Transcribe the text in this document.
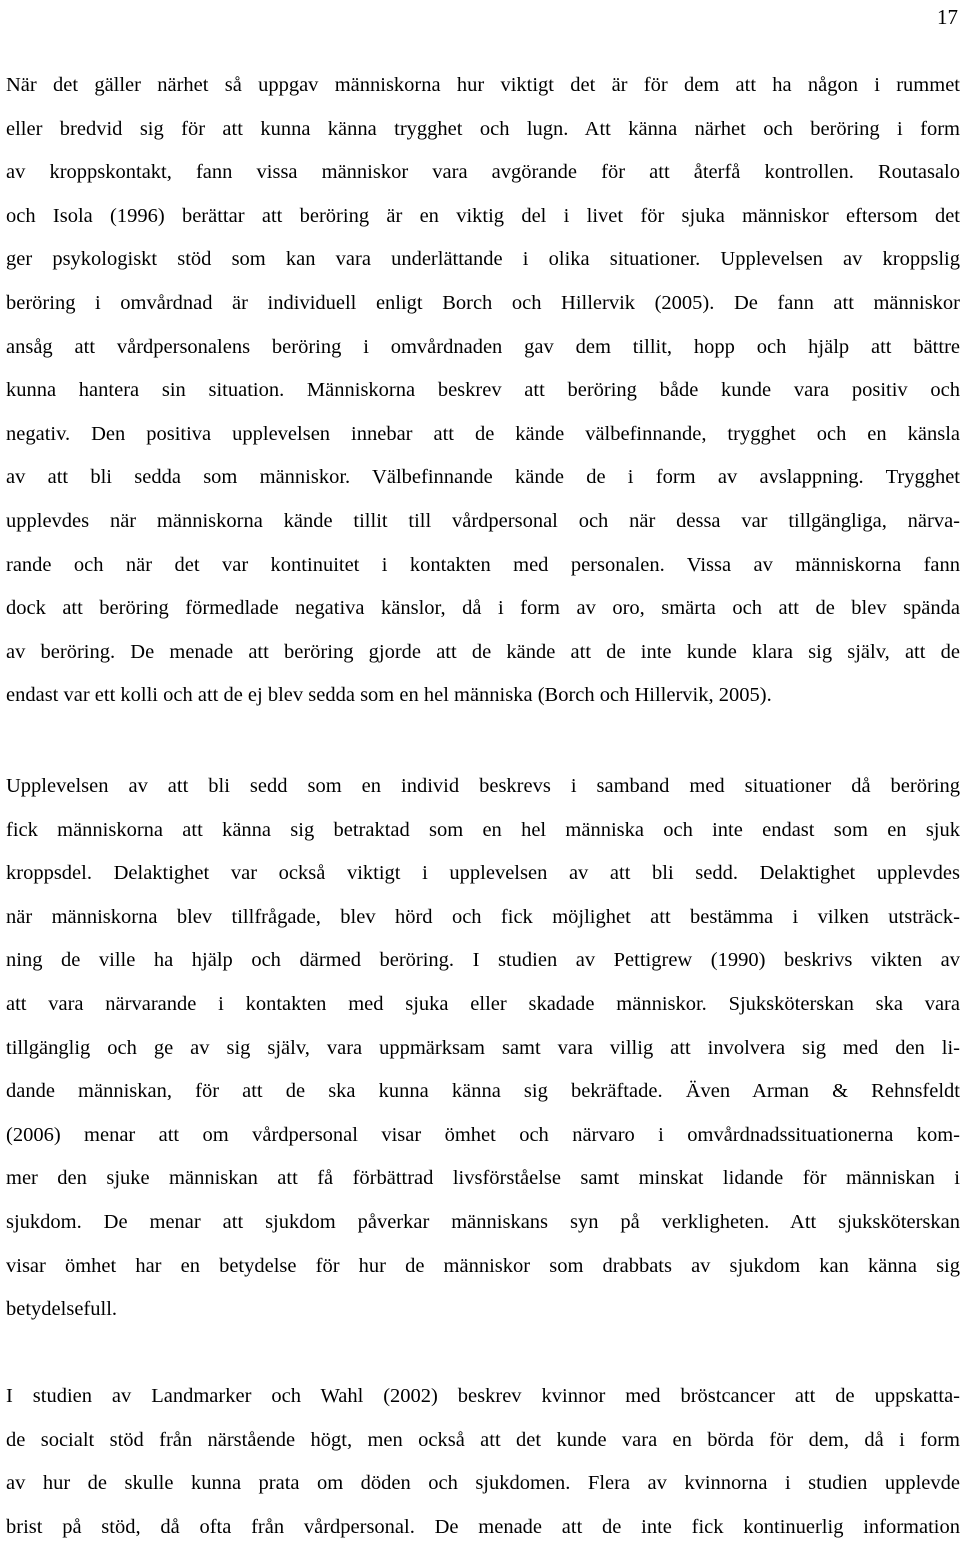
17

När det gäller närhet så uppgav människorna hur viktigt det är för dem att ha någon i rummet
eller bredvid sig för att kunna känna trygghet och lugn. Att känna närhet och beröring i form
av kroppskontakt, fann vissa människor vara avgörande för att återfå kontrollen. Routasalo
och Isola (1996) berättar att beröring är en viktig del i livet för sjuka människor eftersom det
ger psykologiskt stöd som kan vara underlättande i olika situationer. Upplevelsen av kroppslig
beröring i omvårdnad är individuell enligt Borch och Hillervik (2005). De fann att människor
ansåg att vårdpersonalens beröring i omvårdnaden gav dem tillit, hopp och hjälp att bättre
kunna hantera sin situation. Människorna beskrev att beröring både kunde vara positiv och
negativ. Den positiva upplevelsen innebar att de kände välbefinnande, trygghet och en känsla
av att bli sedda som människor. Välbefinnande kände de i form av avslappning. Trygghet
upplevdes när människorna kände tillit till vårdpersonal och när dessa var tillgängliga, närva-
rande och när det var kontinuitet i kontakten med personalen. Vissa av människorna fann
dock att beröring förmedlade negativa känslor, då i form av oro, smärta och att de blev spända
av beröring. De menade att beröring gjorde att de kände att de inte kunde klara sig själv, att de
endast var ett kolli och att de ej blev sedda som en hel människa (Borch och Hillervik, 2005).

Upplevelsen av att bli sedd som en individ beskrevs i samband med situationer då beröring
fick människorna att känna sig betraktad som en hel människa och inte endast som en sjuk
kroppsdel. Delaktighet var också viktigt i upplevelsen av att bli sedd. Delaktighet upplevdes
när människorna blev tillfrågade, blev hörd och fick möjlighet att bestämma i vilken utsträck-
ning de ville ha hjälp och därmed beröring. I studien av Pettigrew (1990) beskrivs vikten av
att vara närvarande i kontakten med sjuka eller skadade människor. Sjuksköterskan ska vara
tillgänglig och ge av sig själv, vara uppmärksam samt vara villig att involvera sig med den li-
dande människan, för att de ska kunna känna sig bekräftade. Även Arman & Rehnsfeldt
(2006) menar att om vårdpersonal visar ömhet och närvaro i omvårdnadssituationerna kom-
mer den sjuke människan att få förbättrad livsförståelse samt minskat lidande för människan i
sjukdom. De menar att sjukdom påverkar människans syn på verkligheten. Att sjuksköterskan
visar ömhet har en betydelse för hur de människor som drabbats av sjukdom kan känna sig
betydelsefull.

I studien av Landmarker och Wahl (2002) beskrev kvinnor med bröstcancer att de uppskatta-
de socialt stöd från närstående högt, men också att det kunde vara en börda för dem, då i form
av hur de skulle kunna prata om döden och sjukdomen. Flera av kvinnorna i studien upplevde
brist på stöd, då ofta från vårdpersonal. De menade att de inte fick kontinuerlig information
